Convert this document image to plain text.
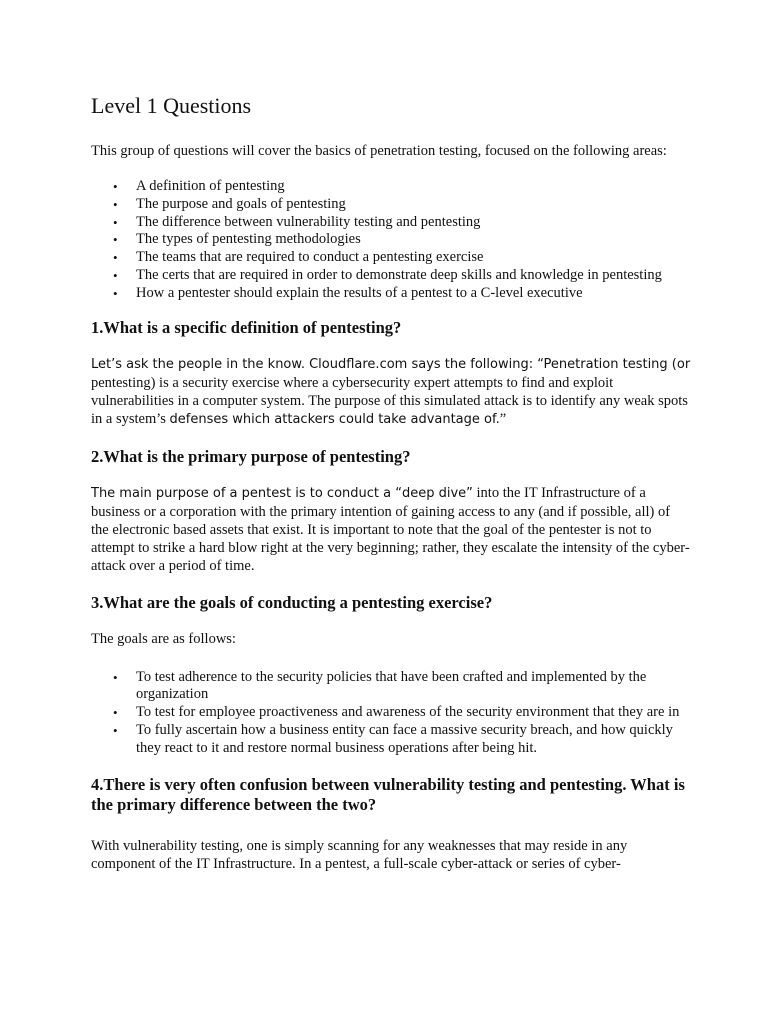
Level 1 Questions

This group of questions will cover the basics of penetration testing, focused on the following areas:

• A definition of pentesting
• The purpose and goals of pentesting
• The difference between vulnerability testing and pentesting
• The types of pentesting methodologies
• The teams that are required to conduct a pentesting exercise
• The certs that are required in order to demonstrate deep skills and knowledge in pentesting
• How a pentester should explain the results of a pentest to a C-level executive
1.What is a specific definition of pentesting?

Let’s ask the people in the know. Cloudflare.com says the following: “Penetration testing (or pentesting) is a security exercise where a cybersecurity expert attempts to find and exploit vulnerabilities in a computer system. The purpose of this simulated attack is to identify any weak spots in a system’s defenses which attackers could take advantage of.”

2.What is the primary purpose of pentesting?

The main purpose of a pentest is to conduct a “deep dive” into the IT Infrastructure of a business or a corporation with the primary intention of gaining access to any (and if possible, all) of the electronic based assets that exist. It is important to note that the goal of the pentester is not to attempt to strike a hard blow right at the very beginning; rather, they escalate the intensity of the cyber-attack over a period of time.

3.What are the goals of conducting a pentesting exercise?

The goals are as follows:

• To test adherence to the security policies that have been crafted and implemented by the organization
• To test for employee proactiveness and awareness of the security environment that they are in
• To fully ascertain how a business entity can face a massive security breach, and how quickly they react to it and restore normal business operations after being hit.
4.There is very often confusion between vulnerability testing and pentesting. What is the primary difference between the two?

With vulnerability testing, one is simply scanning for any weaknesses that may reside in any component of the IT Infrastructure. In a pentest, a full-scale cyber-attack or series of cyber-
